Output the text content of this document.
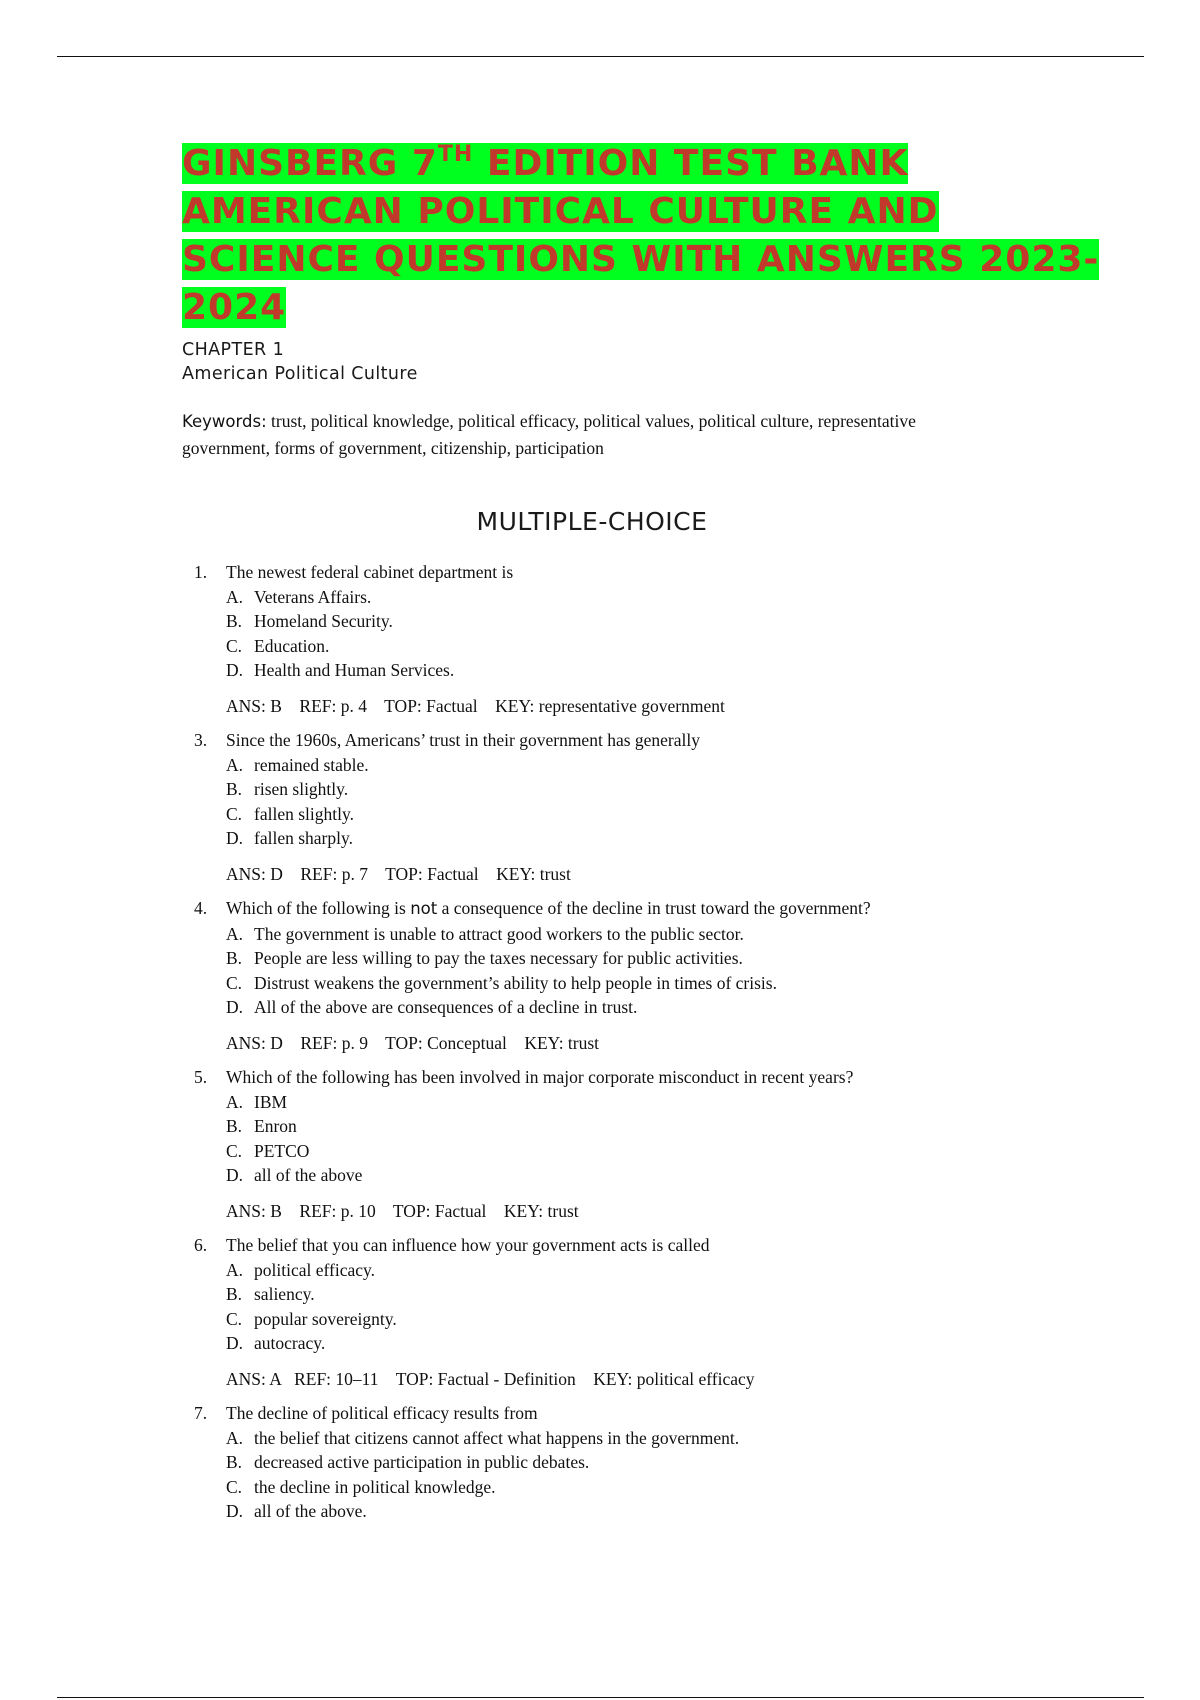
GINSBERG 7TH EDITION TEST BANK AMERICAN POLITICAL CULTURE AND SCIENCE QUESTIONS WITH ANSWERS 2023-2024
CHAPTER 1
American Political Culture
Keywords: trust, political knowledge, political efficacy, political values, political culture, representative government, forms of government, citizenship, participation
MULTIPLE-CHOICE
1. The newest federal cabinet department is
A. Veterans Affairs.
B. Homeland Security.
C. Education.
D. Health and Human Services.
ANS: B    REF: p. 4    TOP: Factual    KEY: representative government
3. Since the 1960s, Americans’ trust in their government has generally
A. remained stable.
B. risen slightly.
C. fallen slightly.
D. fallen sharply.
ANS: D    REF: p. 7    TOP: Factual    KEY: trust
4. Which of the following is not a consequence of the decline in trust toward the government?
A. The government is unable to attract good workers to the public sector.
B. People are less willing to pay the taxes necessary for public activities.
C. Distrust weakens the government’s ability to help people in times of crisis.
D. All of the above are consequences of a decline in trust.
ANS: D    REF: p. 9    TOP: Conceptual    KEY: trust
5. Which of the following has been involved in major corporate misconduct in recent years?
A. IBM
B. Enron
C. PETCO
D. all of the above
ANS: B    REF: p. 10    TOP: Factual    KEY: trust
6. The belief that you can influence how your government acts is called
A. political efficacy.
B. saliency.
C. popular sovereignty.
D. autocracy.
ANS: A   REF: 10–11    TOP: Factual - Definition    KEY: political efficacy
7. The decline of political efficacy results from
A. the belief that citizens cannot affect what happens in the government.
B. decreased active participation in public debates.
C. the decline in political knowledge.
D. all of the above.
